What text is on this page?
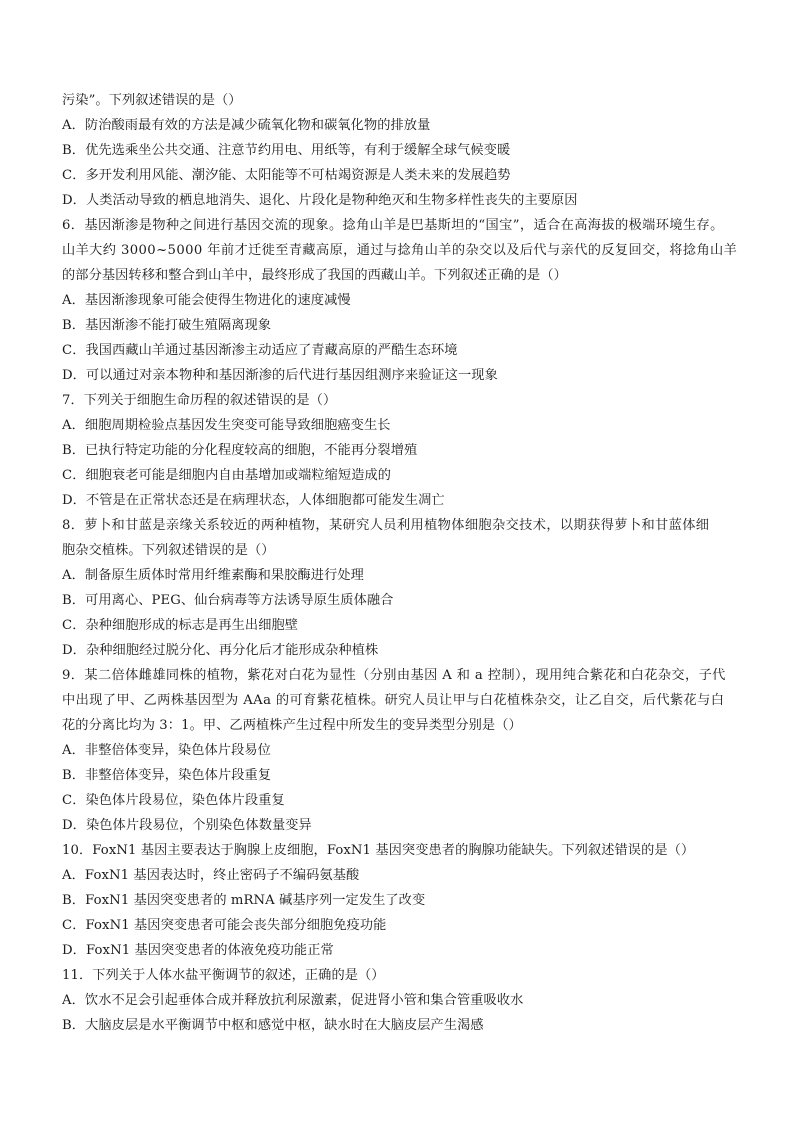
污染”。下列叙述错误的是（）
A．防治酸雨最有效的方法是减少硫氧化物和碳氧化物的排放量
B．优先选乘坐公共交通、注意节约用电、用纸等，有利于缓解全球气候变暖
C．多开发利用风能、潮汐能、太阳能等不可枯竭资源是人类未来的发展趋势
D．人类活动导致的栖息地消失、退化、片段化是物种绝灭和生物多样性丧失的主要原因
6．基因渐渗是物种之间进行基因交流的现象。捻角山羊是巴基斯坦的“国宝”，适合在高海拔的极端环境生存。
山羊大约 3000~5000 年前才迁徙至青藏高原，通过与捻角山羊的杂交以及后代与亲代的反复回交，将捻角山羊
的部分基因转移和整合到山羊中，最终形成了我国的西藏山羊。下列叙述正确的是（）
A．基因渐渗现象可能会使得生物进化的速度减慢
B．基因渐渗不能打破生殖隔离现象
C．我国西藏山羊通过基因渐渗主动适应了青藏高原的严酷生态环境
D．可以通过对亲本物种和基因渐渗的后代进行基因组测序来验证这一现象
7．下列关于细胞生命历程的叙述错误的是（）
A．细胞周期检验点基因发生突变可能导致细胞癌变生长
B．已执行特定功能的分化程度较高的细胞，不能再分裂增殖
C．细胞衰老可能是细胞内自由基增加或端粒缩短造成的
D．不管是在正常状态还是在病理状态，人体细胞都可能发生凋亡
8．萝卜和甘蓝是亲缘关系较近的两种植物，某研究人员利用植物体细胞杂交技术，以期获得萝卜和甘蓝体细
胞杂交植株。下列叙述错误的是（）
A．制备原生质体时常用纤维素酶和果胶酶进行处理
B．可用离心、PEG、仙台病毒等方法诱导原生质体融合
C．杂种细胞形成的标志是再生出细胞壁
D．杂种细胞经过脱分化、再分化后才能形成杂种植株
9．某二倍体雌雄同株的植物，紫花对白花为显性（分别由基因 A 和 a 控制），现用纯合紫花和白花杂交，子代
中出现了甲、乙两株基因型为 AAa 的可育紫花植株。研究人员让甲与白花植株杂交，让乙自交，后代紫花与白
花的分离比均为 3：1。甲、乙两植株产生过程中所发生的变异类型分别是（）
A．非整倍体变异，染色体片段易位
B．非整倍体变异，染色体片段重复
C．染色体片段易位，染色体片段重复
D．染色体片段易位，个别染色体数量变异
10．FoxN1 基因主要表达于胸腺上皮细胞，FoxN1 基因突变患者的胸腺功能缺失。下列叙述错误的是（）
A．FoxN1 基因表达时，终止密码子不编码氨基酸
B．FoxN1 基因突变患者的 mRNA 碱基序列一定发生了改变
C．FoxN1 基因突变患者可能会丧失部分细胞免疫功能
D．FoxN1 基因突变患者的体液免疫功能正常
11．下列关于人体水盐平衡调节的叙述，正确的是（）
A．饮水不足会引起垂体合成并释放抗利尿激素，促进肾小管和集合管重吸收水
B．大脑皮层是水平衡调节中枢和感觉中枢，缺水时在大脑皮层产生渴感
